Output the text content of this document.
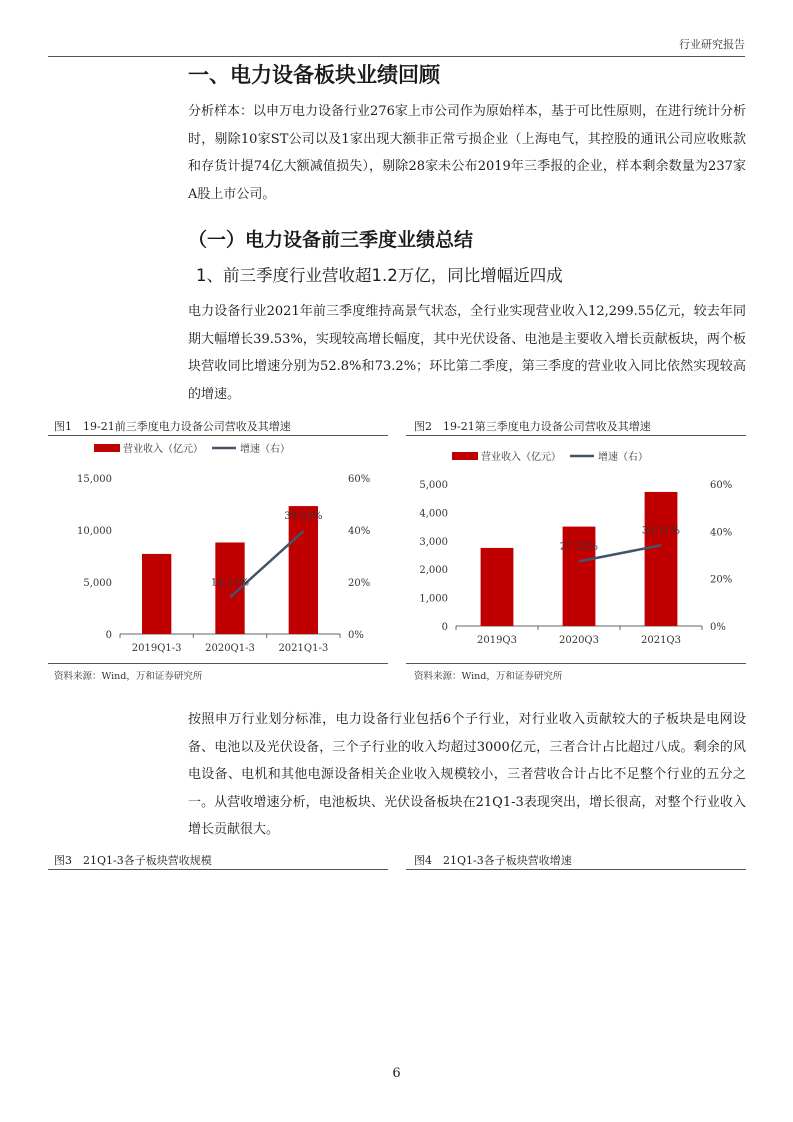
行业研究报告
一、电力设备板块业绩回顾
分析样本：以申万电力设备行业276家上市公司作为原始样本，基于可比性原则，在进行统计分析时，剔除10家ST公司以及1家出现大额非正常亏损企业（上海电气，其控股的通讯公司应收账款和存货计提74亿大额减值损失），剔除28家未公布2019年三季报的企业，样本剩余数量为237家A股上市公司。
（一）电力设备前三季度业绩总结
1、前三季度行业营收超1.2万亿，同比增幅近四成
电力设备行业2021年前三季度维持高景气状态，全行业实现营业收入12,299.55亿元，较去年同期大幅增长39.53%，实现较高增长幅度，其中光伏设备、电池是主要收入增长贡献板块，两个板块营收同比增速分别为52.8%和73.2%；环比第二季度，第三季度的营业收入同比依然实现较高的增速。
图1　19-21前三季度电力设备公司营收及其增速
营业收入（亿元）	增速（右）
0
5,000
10,000
15,000
0%
20%
40%
60%
2019Q1-3 2020Q1-3 2021Q1-3
14.11%
39.53%
资料来源：Wind，万和证券研究所
图2　19-21第三季度电力设备公司营收及其增速
营业收入（亿元）	增速（右）
0
1,000
2,000
3,000
4,000
5,000
0%
20%
40%
60%
2019Q3	2020Q3	2021Q3
27.32%
34.11%
资料来源：Wind，万和证券研究所
按照申万行业划分标准，电力设备行业包括6个子行业，对行业收入贡献较大的子板块是电网设备、电池以及光伏设备，三个子行业的收入均超过3000亿元，三者合计占比超过八成。剩余的风电设备、电机和其他电源设备相关企业收入规模较小，三者营收合计占比不足整个行业的五分之一。从营收增速分析，电池板块、光伏设备板块在21Q1-3表现突出，增长很高，对整个行业收入增长贡献很大。
图3　21Q1-3各子板块营收规模	图4　21Q1-3各子板块营收增速
6
